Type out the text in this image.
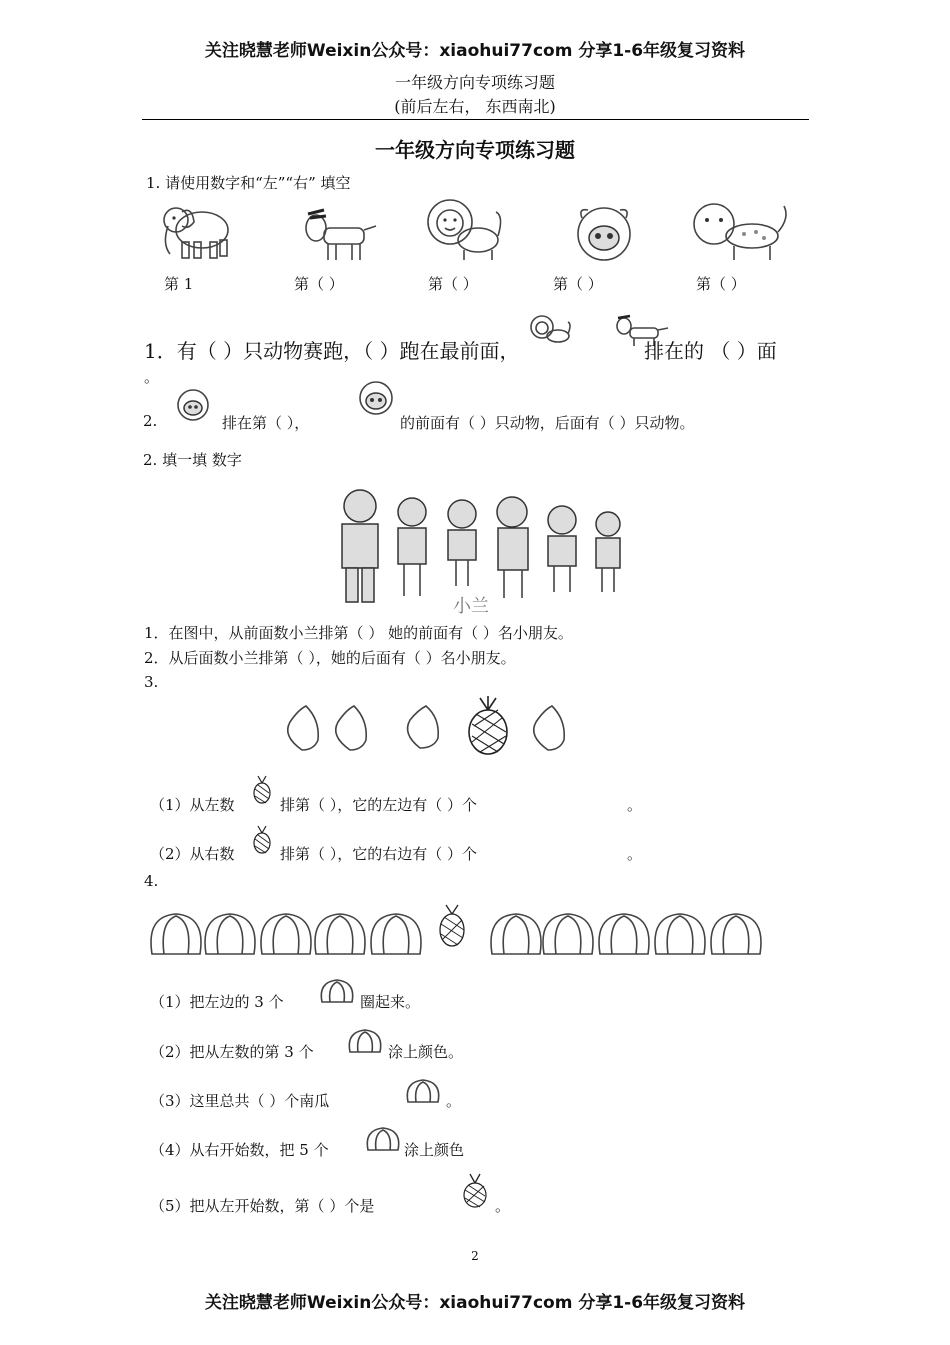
关注晓慧老师Weixin公众号：xiaohui77com 分享1-6年级复习资料
一年级方向专项练习题
(前后左右， 东西南北)
一年级方向专项练习题
1. 请使用数字和“左”“右” 填空
第 1	第（ ）	第（ ）	第（ ）	第（ ）
1．有（ ）只动物赛跑，（ ）跑在最前面，	排在的 （ ）面
。
2.	排在第（ ），	的前面有（ ）只动物，后面有（ ）只动物。
2. 填一填 数字
小兰
1．在图中，从前面数小兰排第（ ） 她的前面有（ ）名小朋友。
2．从后面数小兰排第（ ），她的后面有（ ）名小朋友。
3.
（1）从左数	排第（ ），它的左边有（ ）个	。
（2）从右数	排第（ ），它的右边有（ ）个	。
4.
（1）把左边的 3 个	圈起来。
（2）把从左数的第 3 个	涂上颜色。
（3）这里总共（ ）个南瓜	。
（4）从右开始数，把 5 个	涂上颜色
（5）把从左开始数，第（ ）个是	。
2
关注晓慧老师Weixin公众号：xiaohui77com 分享1-6年级复习资料
